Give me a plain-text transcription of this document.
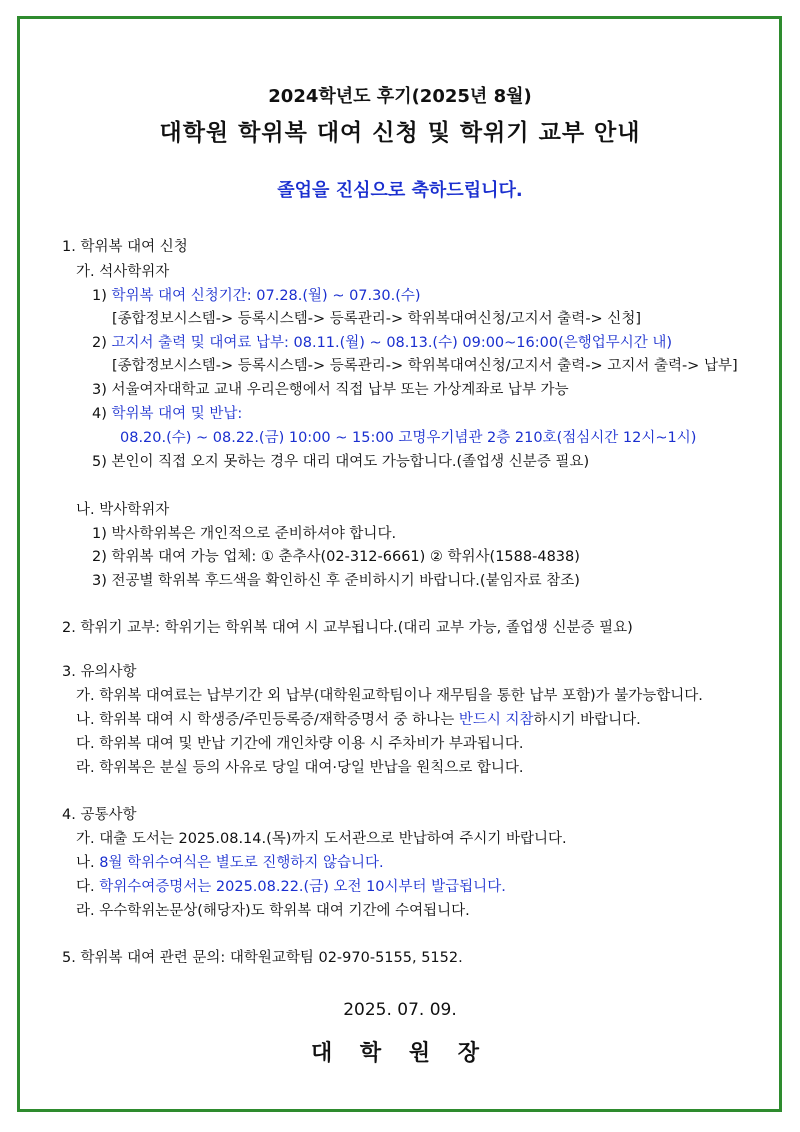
2024학년도 후기(2025년 8월)
대학원 학위복 대여 신청 및 학위기 교부 안내
졸업을 진심으로 축하드립니다.
1. 학위복 대여 신청
가. 석사학위자
1) 학위복 대여 신청기간: 07.28.(월) ~ 07.30.(수)
[종합정보시스템-> 등록시스템-> 등록관리-> 학위복대여신청/고지서 출력-> 신청]
2) 고지서 출력 및 대여료 납부: 08.11.(월) ~ 08.13.(수) 09:00~16:00(은행업무시간 내)
[종합정보시스템-> 등록시스템-> 등록관리-> 학위복대여신청/고지서 출력-> 고지서 출력-> 납부]
3) 서울여자대학교 교내 우리은행에서 직접 납부 또는 가상계좌로 납부 가능
4) 학위복 대여 및 반납:
08.20.(수) ~ 08.22.(금) 10:00 ~ 15:00 고명우기념관 2층 210호(점심시간 12시~1시)
5) 본인이 직접 오지 못하는 경우 대리 대여도 가능합니다.(졸업생 신분증 필요)
나. 박사학위자
1) 박사학위복은 개인적으로 준비하셔야 합니다.
2) 학위복 대여 가능 업체: ① 춘추사(02-312-6661) ② 학위사(1588-4838)
3) 전공별 학위복 후드색을 확인하신 후 준비하시기 바랍니다.(붙임자료 참조)
2. 학위기 교부: 학위기는 학위복 대여 시 교부됩니다.(대리 교부 가능, 졸업생 신분증 필요)
3. 유의사항
가. 학위복 대여료는 납부기간 외 납부(대학원교학팀이나 재무팀을 통한 납부 포함)가 불가능합니다.
나. 학위복 대여 시 학생증/주민등록증/재학증명서 중 하나는 반드시 지참하시기 바랍니다.
다. 학위복 대여 및 반납 기간에 개인차량 이용 시 주차비가 부과됩니다.
라. 학위복은 분실 등의 사유로 당일 대여·당일 반납을 원칙으로 합니다.
4. 공통사항
가. 대출 도서는 2025.08.14.(목)까지 도서관으로 반납하여 주시기 바랍니다.
나. 8월 학위수여식은 별도로 진행하지 않습니다.
다. 학위수여증명서는 2025.08.22.(금) 오전 10시부터 발급됩니다.
라. 우수학위논문상(해당자)도 학위복 대여 기간에 수여됩니다.
5. 학위복 대여 관련 문의: 대학원교학팀 02-970-5155, 5152.
2025. 07. 09.
대 학 원 장
